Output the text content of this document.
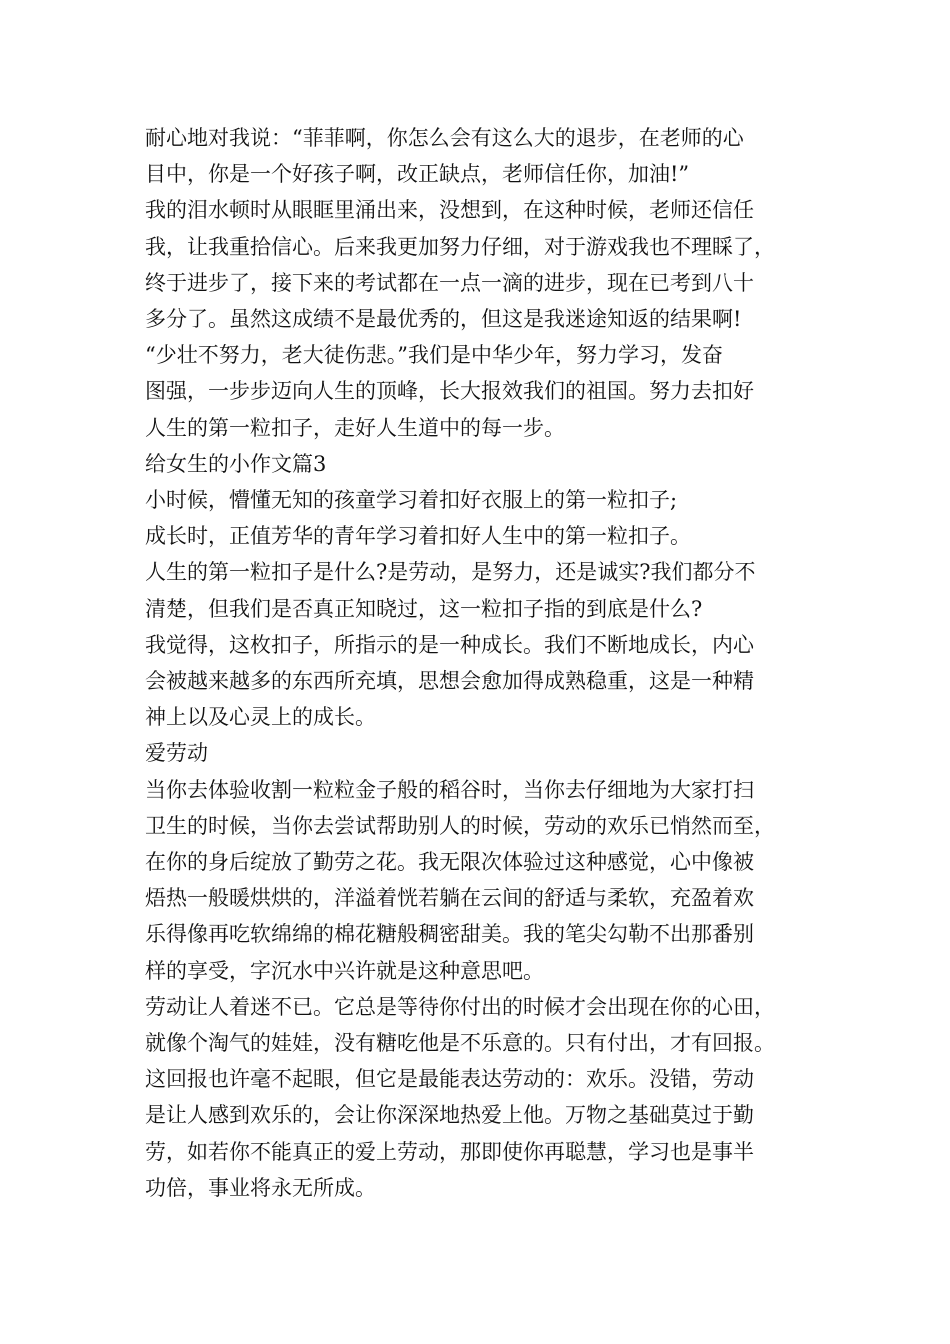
耐心地对我说：“菲菲啊，你怎么会有这么大的退步，在老师的心
目中，你是一个好孩子啊，改正缺点，老师信任你，加油!”
我的泪水顿时从眼眶里涌出来，没想到，在这种时候，老师还信任
我，让我重拾信心。后来我更加努力仔细，对于游戏我也不理睬了，
终于进步了，接下来的考试都在一点一滴的进步，现在已考到八十
多分了。虽然这成绩不是最优秀的，但这是我迷途知返的结果啊!
“少壮不努力，老大徒伤悲。”我们是中华少年，努力学习，发奋
图强，一步步迈向人生的顶峰，长大报效我们的祖国。努力去扣好
人生的第一粒扣子，走好人生道中的每一步。
给女生的小作文篇3
小时候，懵懂无知的孩童学习着扣好衣服上的第一粒扣子;
成长时，正值芳华的青年学习着扣好人生中的第一粒扣子。
人生的第一粒扣子是什么?是劳动，是努力，还是诚实?我们都分不
清楚，但我们是否真正知晓过，这一粒扣子指的到底是什么?
我觉得，这枚扣子，所指示的是一种成长。我们不断地成长，内心
会被越来越多的东西所充填，思想会愈加得成熟稳重，这是一种精
神上以及心灵上的成长。
爱劳动
当你去体验收割一粒粒金子般的稻谷时，当你去仔细地为大家打扫
卫生的时候，当你去尝试帮助别人的时候，劳动的欢乐已悄然而至，
在你的身后绽放了勤劳之花。我无限次体验过这种感觉，心中像被
焐热一般暖烘烘的，洋溢着恍若躺在云间的舒适与柔软，充盈着欢
乐得像再吃软绵绵的棉花糖般稠密甜美。我的笔尖勾勒不出那番别
样的享受，字沉水中兴许就是这种意思吧。
劳动让人着迷不已。它总是等待你付出的时候才会出现在你的心田，
就像个淘气的娃娃，没有糖吃他是不乐意的。只有付出，才有回报。
这回报也许毫不起眼，但它是最能表达劳动的：欢乐。没错，劳动
是让人感到欢乐的，会让你深深地热爱上他。万物之基础莫过于勤
劳，如若你不能真正的爱上劳动，那即使你再聪慧，学习也是事半
功倍，事业将永无所成。
